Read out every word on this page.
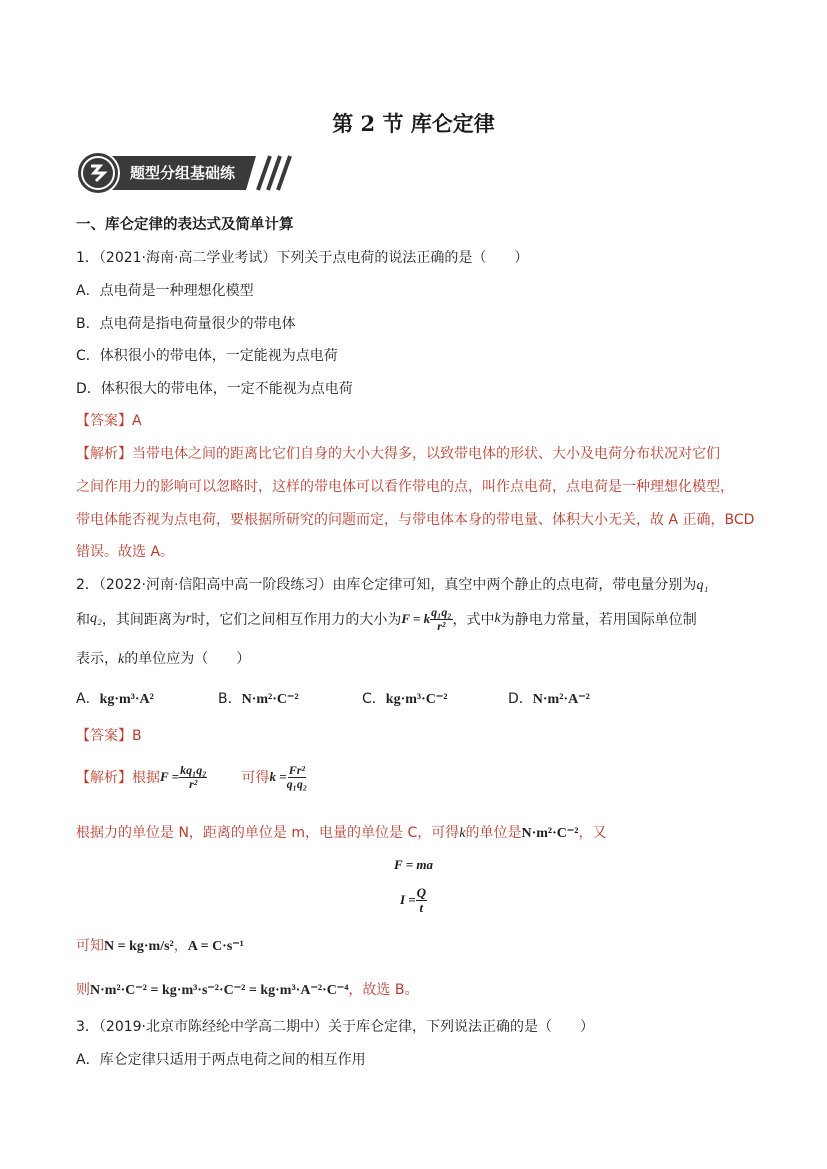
第 2 节 库仑定律
题型分组基础练
一、库仑定律的表达式及简单计算
1．（2021·海南·高二学业考试）下列关于点电荷的说法正确的是（　　）
A．点电荷是一种理想化模型
B．点电荷是指电荷量很少的带电体
C．体积很小的带电体，一定能视为点电荷
D．体积很大的带电体，一定不能视为点电荷
【答案】A
【解析】当带电体之间的距离比它们自身的大小大得多，以致带电体的形状、大小及电荷分布状况对它们
之间作用力的影响可以忽略时，这样的带电体可以看作带电的点，叫作点电荷，点电荷是一种理想化模型，
带电体能否视为点电荷，要根据所研究的问题而定，与带电体本身的带电量、体积大小无关，故 A 正确，BCD
错误。故选 A。
2．（2022·河南·信阳高中高一阶段练习）由库仑定律可知，真空中两个静止的点电荷，带电量分别为q₁
和 q₂ ，其间距离为 r 时，它们之间相互作用力的大小为 F = k $\frac{\text{q₁q₂}}{\text{r²}}$ ，式中 k 为静电力常量，若用国际单位制
表示，k的单位应为（　　）
A．kg·m³·A²	B．N·m²·C⁻²	C．kg·m³·C⁻²	D．N·m²·A⁻²
【答案】B
【解析】根据 $F = \frac{\text{kq₁q₂}}{\text{r²}}$ 可得 $k = \frac{\text{Fr²}}{\text{q₁q₂}}$
根据力的单位是 N，距离的单位是 m，电量的单位是 C，可得k的单位是N·m²·C⁻²，又
F = ma
$I = \frac{Q}{t}$
可知N = kg·m/s²，A = C·s⁻¹
则N·m²·C⁻² = kg·m³·s⁻²·C⁻² = kg·m³·A⁻²·C⁻⁴，故选 B。
3．（2019·北京市陈经纶中学高二期中）关于库仑定律，下列说法正确的是（　　）
A．库仑定律只适用于两点电荷之间的相互作用
